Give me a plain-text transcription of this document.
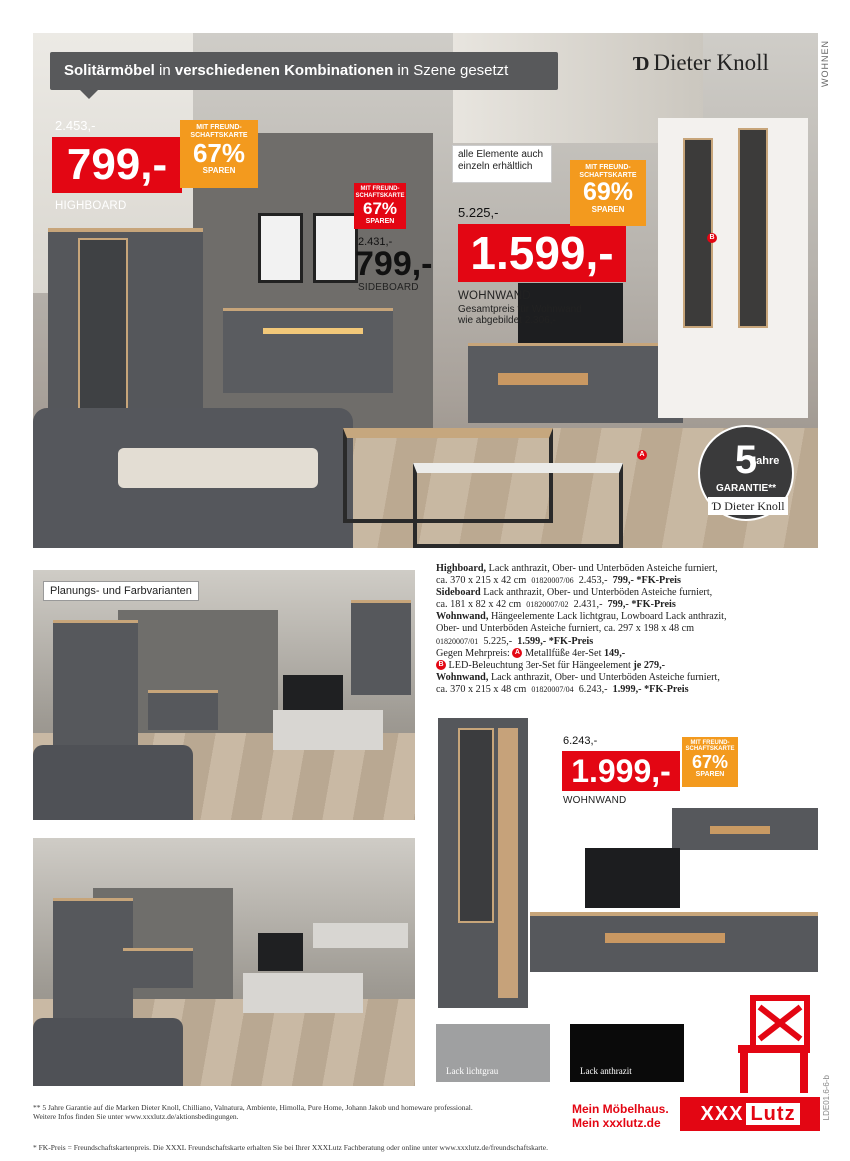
WOHNEN
Solitärmöbel in verschiedenen Kombinationen in Szene gesetzt	Ɗ Dieter Knoll
2.453,-
799,-
MIT FREUND-
SCHAFTSKARTE
67%
SPAREN
HIGHBOARD
MIT FREUND-
SCHAFTSKARTE
67%
SPAREN
2.431,-
799,-
SIDEBOARD
alle Elemente auch
einzeln erhältlich
5.225,-
1.599,-
MIT FREUND-
SCHAFTSKARTE
69%
SPAREN
WOHNWAND
Gesamtpreis für Wohnwand
wie abgebildet 2.306,-
B
A	5
Jahre
GARANTIE**
Ɗ Dieter Knoll
Planungs- und Farbvarianten

Highboard, Lack anthrazit, Ober- und Unterböden Asteiche furniert,

ca. 370 x 215 x 42 cm 01820007/06 2.453,- 799,- *FK-Preis

Sideboard Lack anthrazit, Ober- und Unterböden Asteiche furniert,

ca. 181 x 82 x 42 cm 01820007/02 2.431,- 799,- *FK-Preis

Wohnwand, Hängeelemente Lack lichtgrau, Lowboard Lack anthrazit,

Ober- und Unterböden Asteiche furniert, ca. 297 x 198 x 48 cm

01820007/01 5.225,- 1.599,- *FK-Preis

Gegen Mehrpreis: A Metallfüße 4er-Set 149,-

B LED-Beleuchtung 3er-Set für Hängeelement je 279,-

Wohnwand, Lack anthrazit, Ober- und Unterböden Asteiche furniert,

ca. 370 x 215 x 48 cm 01820007/04 6.243,- 1.999,- *FK-Preis

6.243,-
1.999,-
MIT FREUND-
SCHAFTSKARTE
67%
SPAREN
WOHNWAND
Lack lichtgrau	Lack anthrazit
Mein Möbelhaus.
Mein xxxlutz.de	XXX Lutz
** 5 Jahre Garantie auf die Marken Dieter Knoll, Chilliano, Valnatura, Ambiente, Himolla, Pure Home, Johann Jakob und homeware professional.
Weitere Infos finden Sie unter www.xxxlutz.de/aktionsbedingungen.
* FK-Preis = Freundschaftskartenpreis. Die XXXL Freundschaftskarte erhalten Sie bei Ihrer XXXLutz Fachberatung oder online unter www.xxxlutz.de/freundschaftskarte.
LDE01.6-6-b
